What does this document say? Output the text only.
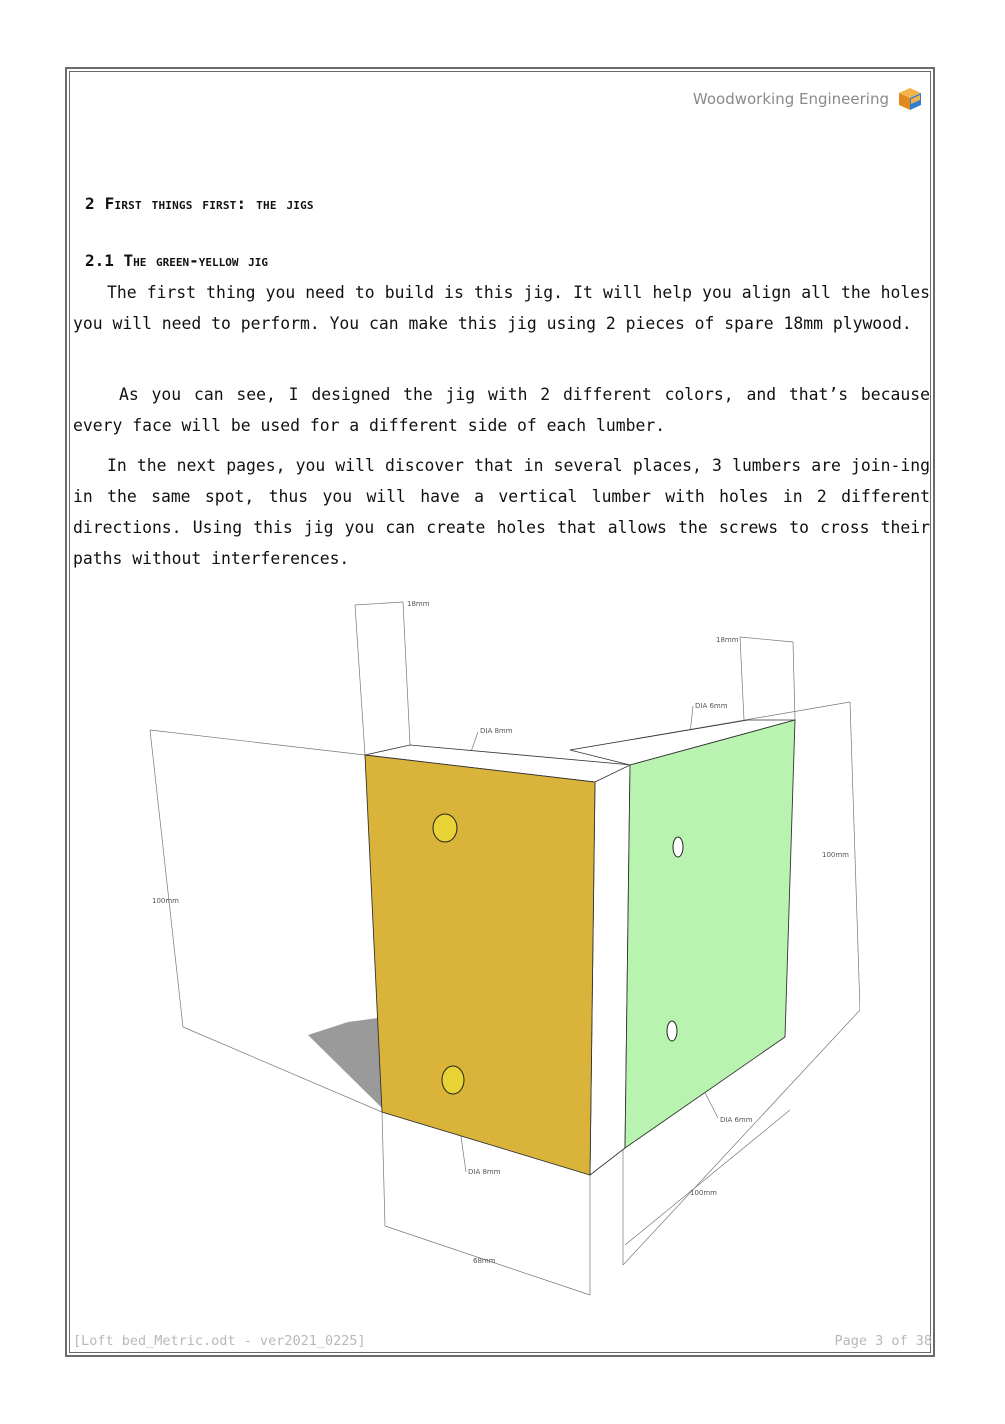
Woodworking Engineering
2 First things first: the jigs
2.1 The green-yellow jig
The first thing you need to build is this jig. It will help you align all the holes you will need to perform. You can make this jig using 2 pieces of spare 18mm plywood.
As you can see, I designed the jig with 2 different colors, and that’s because every face will be used for a different side of each lumber.
In the next pages, you will discover that in several places, 3 lumbers are join-ing in the same spot, thus you will have a vertical lumber with holes in 2 different directions. Using this jig you can create holes that allows the screws to cross their paths without interferences.
18mm
18mm
DIA 8mm
DIA 6mm
100mm
100mm
DIA 6mm
DIA 8mm
100mm
68mm
[Loft bed_Metric.odt - ver2021_0225]	Page 3 of 38
